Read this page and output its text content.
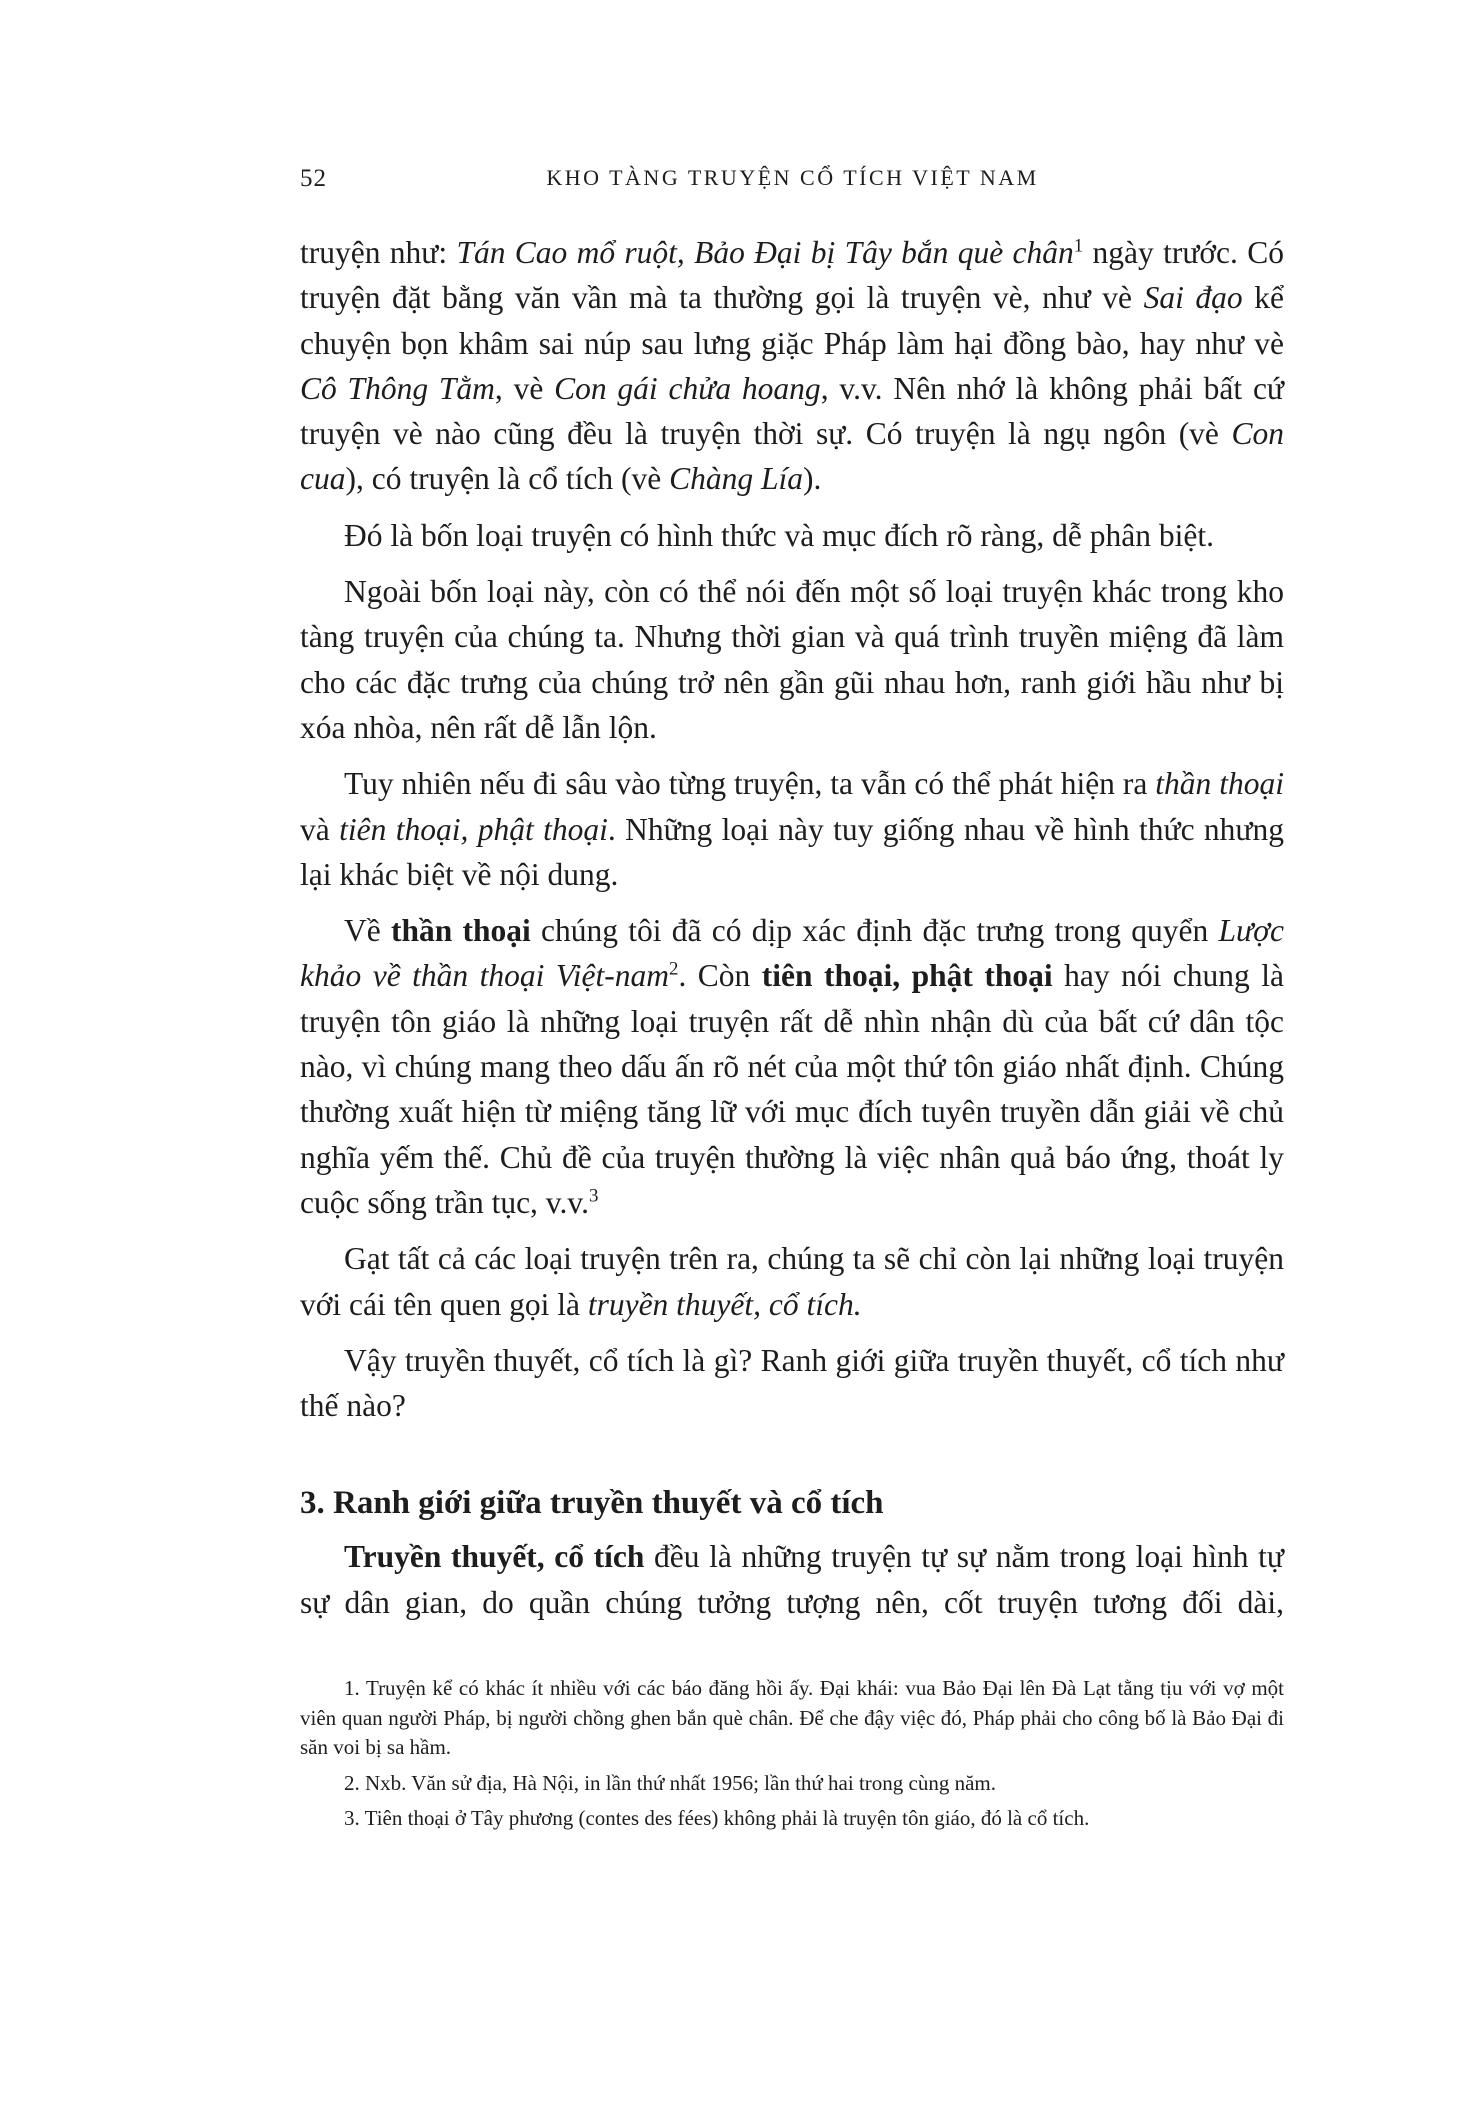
52	KHO TÀNG TRUYỆN CỔ TÍCH VIỆT NAM

truyện như: Tán Cao mổ ruột, Bảo Đại bị Tây bắn què chân$^1$ ngày trước. Có truyện đặt bằng văn vần mà ta thường gọi là truyện vè, như vè Sai đạo kể chuyện bọn khâm sai núp sau lưng giặc Pháp làm hại đồng bào, hay như vè Cô Thông Tằm, vè Con gái chửa hoang, v.v. Nên nhớ là không phải bất cứ truyện vè nào cũng đều là truyện thời sự. Có truyện là ngụ ngôn (vè Con cua), có truyện là cổ tích (vè Chàng Lía).

Đó là bốn loại truyện có hình thức và mục đích rõ ràng, dễ phân biệt.

Ngoài bốn loại này, còn có thể nói đến một số loại truyện khác trong kho tàng truyện của chúng ta. Nhưng thời gian và quá trình truyền miệng đã làm cho các đặc trưng của chúng trở nên gần gũi nhau hơn, ranh giới hầu như bị xóa nhòa, nên rất dễ lẫn lộn.

Tuy nhiên nếu đi sâu vào từng truyện, ta vẫn có thể phát hiện ra thần thoại và tiên thoại, phật thoại. Những loại này tuy giống nhau về hình thức nhưng lại khác biệt về nội dung.

Về thần thoại chúng tôi đã có dịp xác định đặc trưng trong quyển Lược khảo về thần thoại Việt-nam$^2$. Còn tiên thoại, phật thoại hay nói chung là truyện tôn giáo là những loại truyện rất dễ nhìn nhận dù của bất cứ dân tộc nào, vì chúng mang theo dấu ấn rõ nét của một thứ tôn giáo nhất định. Chúng thường xuất hiện từ miệng tăng lữ với mục đích tuyên truyền dẫn giải về chủ nghĩa yếm thế. Chủ đề của truyện thường là việc nhân quả báo ứng, thoát ly cuộc sống trần tục, v.v.$^3$

Gạt tất cả các loại truyện trên ra, chúng ta sẽ chỉ còn lại những loại truyện với cái tên quen gọi là truyền thuyết, cổ tích.

Vậy truyền thuyết, cổ tích là gì? Ranh giới giữa truyền thuyết, cổ tích như thế nào?

3. Ranh giới giữa truyền thuyết và cổ tích

Truyền thuyết, cổ tích đều là những truyện tự sự nằm trong loại hình tự sự dân gian, do quần chúng tưởng tượng nên, cốt truyện tương đối dài,

1. Truyện kể có khác ít nhiều với các báo đăng hồi ấy. Đại khái: vua Bảo Đại lên Đà Lạt tằng tịu với vợ một viên quan người Pháp, bị người chồng ghen bắn què chân. Để che đậy việc đó, Pháp phải cho công bố là Bảo Đại đi săn voi bị sa hầm.

2. Nxb. Văn sử địa, Hà Nội, in lần thứ nhất 1956; lần thứ hai trong cùng năm.

3. Tiên thoại ở Tây phương (contes des fées) không phải là truyện tôn giáo, đó là cổ tích.
